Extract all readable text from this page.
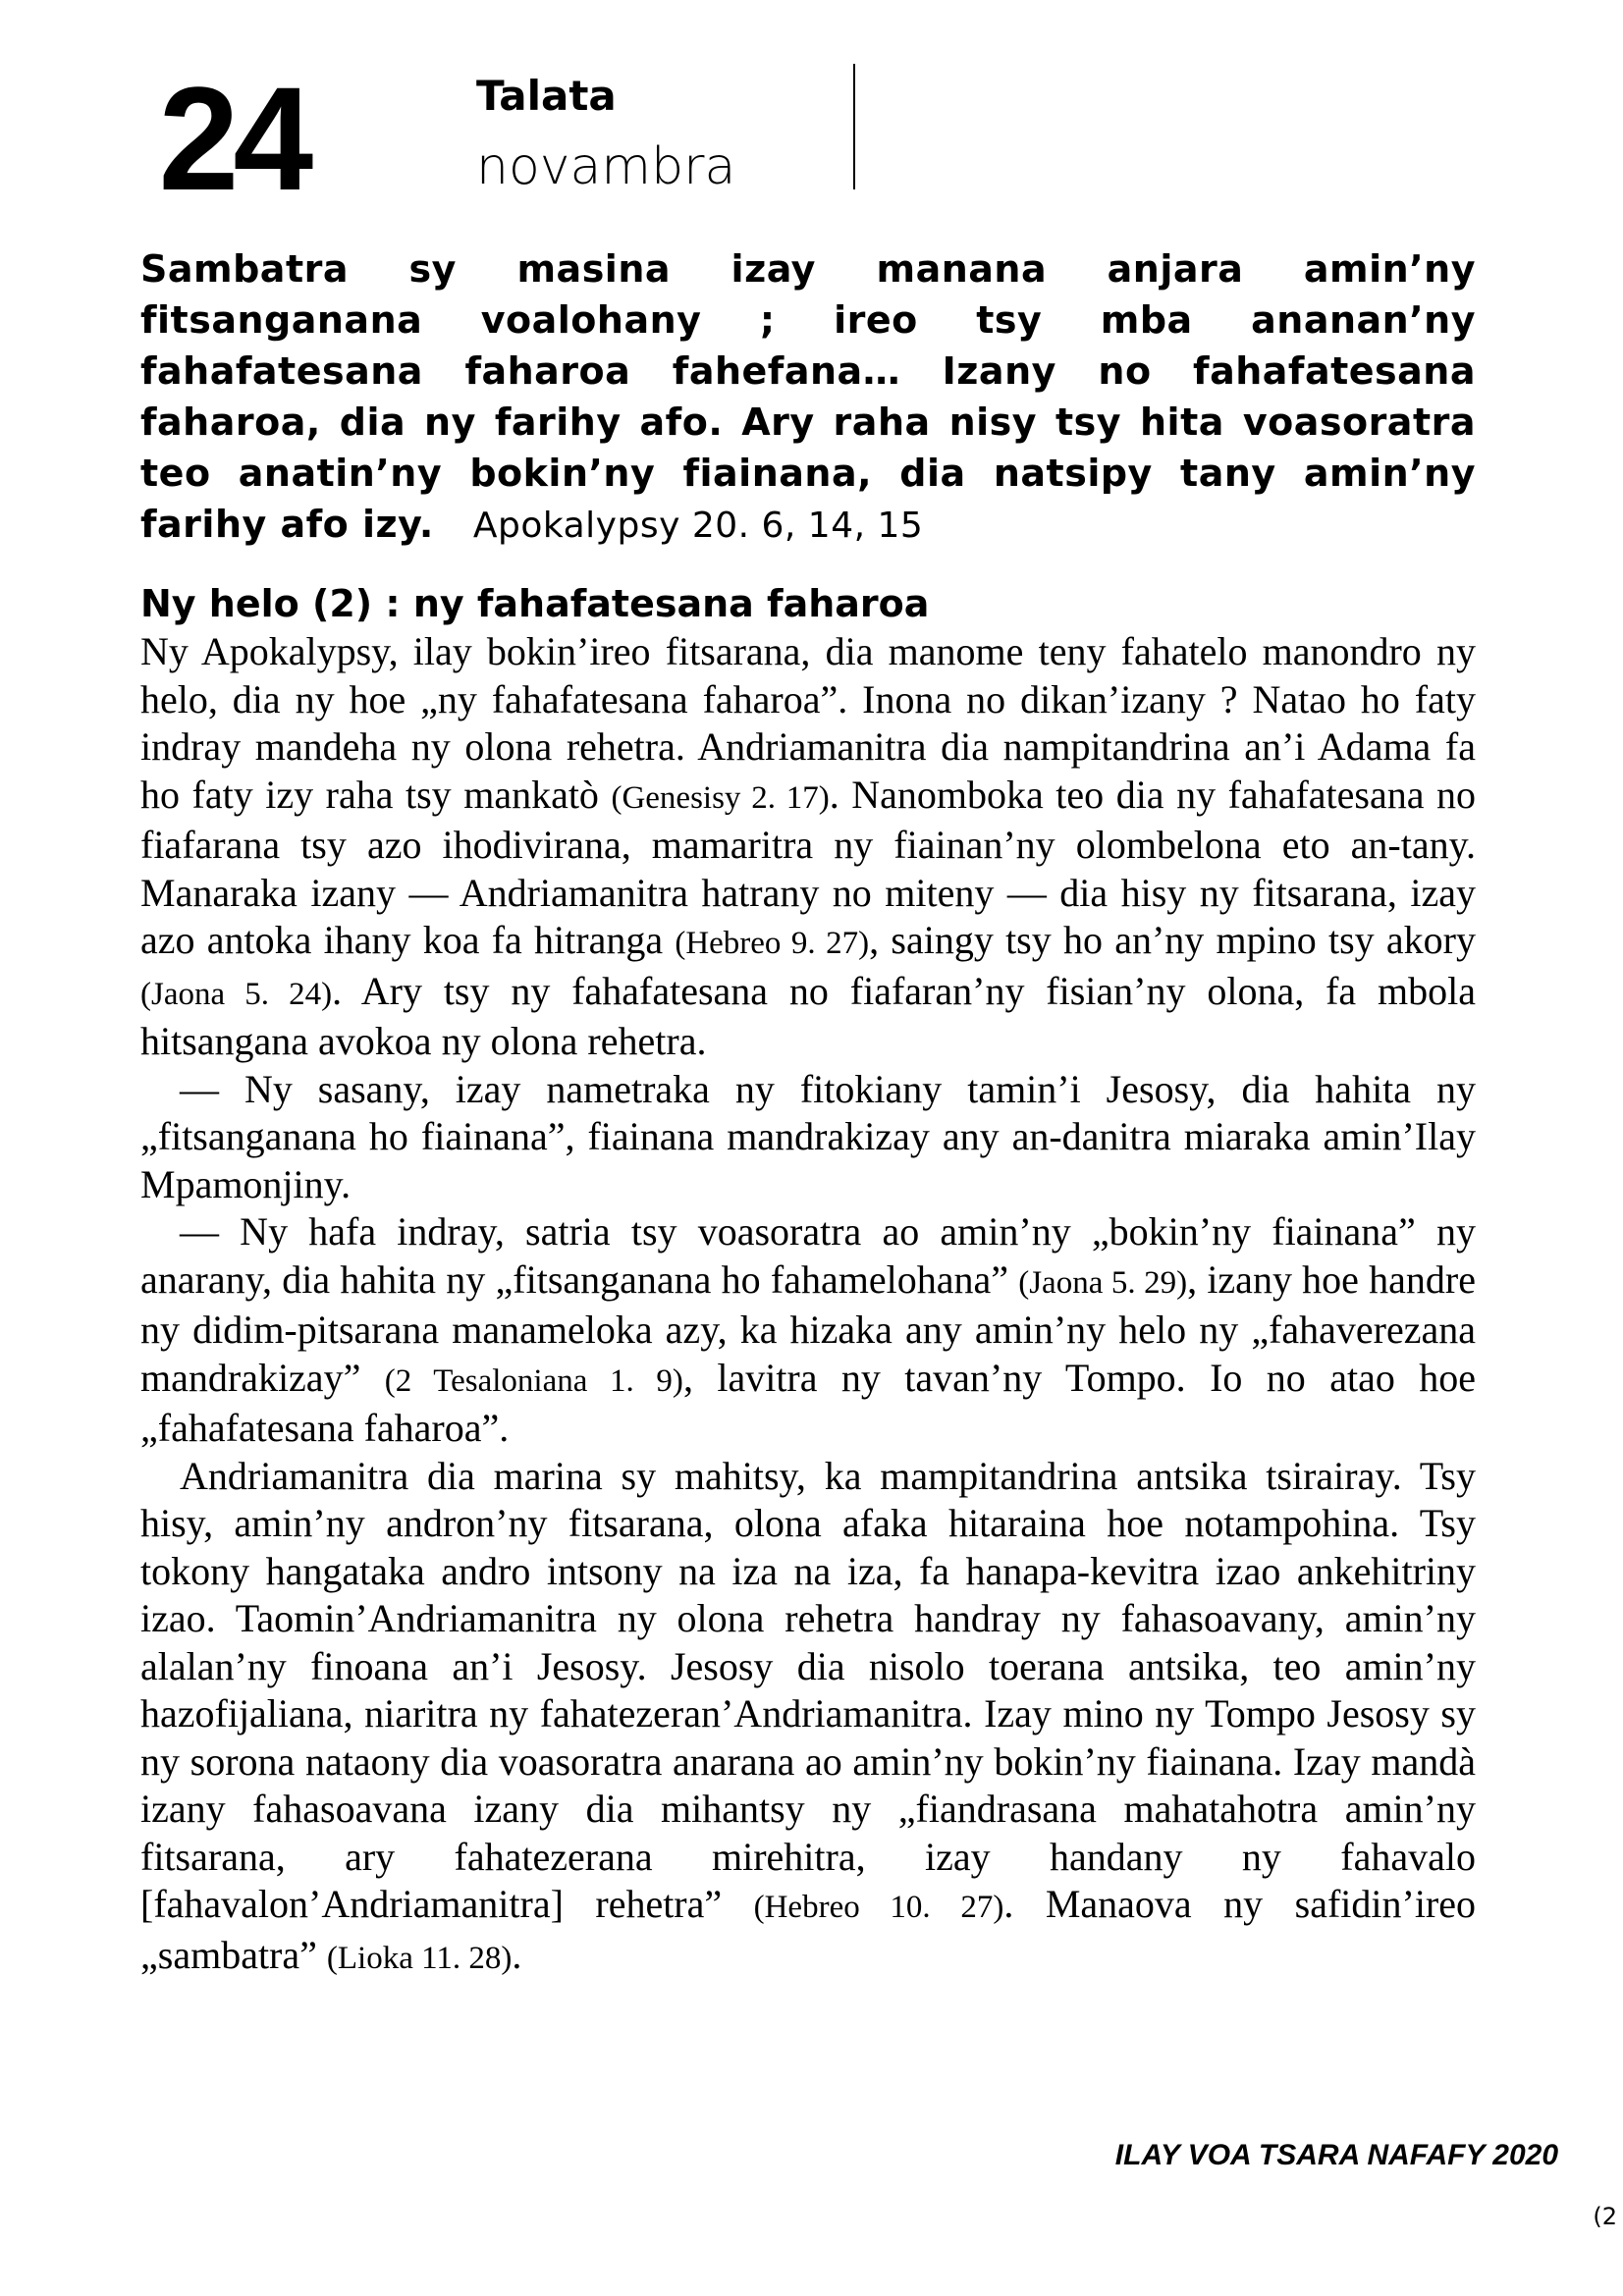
24	Talata
novambra
Sambatra sy masina izay manana anjara amin’ny fitsanganana voalohany ; ireo tsy mba ananan’ny fahafatesana faharoa fahefana… Izany no fahafatesana faharoa, dia ny farihy afo. Ary raha nisy tsy hita voasoratra teo anatin’ny bokin’ny fiainana, dia natsipy tany amin’ny farihy afo izy. Apokalypsy 20. 6, 14, 15
Ny helo (2) : ny fahafatesana faharoa

Ny Apokalypsy, ilay bokin’ireo fitsarana, dia manome teny fahatelo manondro ny helo, dia ny hoe „ny fahafatesana faharoa”. Inona no dikan’izany ? Natao ho faty indray mandeha ny olona rehetra. Andriamanitra dia nampitandrina an’i Adama fa ho faty izy raha tsy mankatò (Genesisy 2. 17). Nanomboka teo dia ny fahafatesana no fiafarana tsy azo ihodivirana, mamaritra ny fiainan’ny olombelona eto an-tany. Manaraka izany — Andriamanitra hatrany no miteny — dia hisy ny fitsarana, izay azo antoka ihany koa fa hitranga (Hebreo 9. 27), saingy tsy ho an’ny mpino tsy akory (Jaona 5. 24). Ary tsy ny fahafatesana no fiafaran’ny fisian’ny olona, fa mbola hitsangana avokoa ny olona rehetra.

— Ny sasany, izay nametraka ny fitokiany tamin’i Jesosy, dia hahita ny „fitsanganana ho fiainana”, fiainana mandrakizay any an-danitra miaraka amin’Ilay Mpamonjiny.

— Ny hafa indray, satria tsy voasoratra ao amin’ny „bokin’ny fiainana” ny anarany, dia hahita ny „fitsanganana ho fahamelohana” (Jaona 5. 29), izany hoe handre ny didim-pitsarana manameloka azy, ka hizaka any amin’ny helo ny „fahaverezana mandrakizay” (2 Tesaloniana 1. 9), lavitra ny tavan’ny Tompo. Io no atao hoe „fahafatesana faharoa”.

Andriamanitra dia marina sy mahitsy, ka mampitandrina antsika tsirairay. Tsy hisy, amin’ny andron’ny fitsarana, olona afaka hitaraina hoe notampohina. Tsy tokony hangataka andro intsony na iza na iza, fa hanapa-kevitra izao ankehitriny izao. Taomin’Andriamanitra ny olona rehetra handray ny fahasoavany, amin’ny alalan’ny finoana an’i Jesosy. Jesosy dia nisolo toerana antsika, teo amin’ny hazofijaliana, niaritra ny fahatezeran’Andriamanitra. Izay mino ny Tompo Jesosy sy ny sorona nataony dia voasoratra anarana ao amin’ny bokin’ny fiainana. Izay mandà izany fahasoavana izany dia mihantsy ny „fiandrasana mahatahotra amin’ny fitsarana, ary fahatezerana mirehitra, izay handany ny fahavalo [fahavalon’Andriamanitra] rehetra” (Hebreo 10. 27). Manaova ny safidin’ireo „sambatra” (Lioka 11. 28).

ILAY VOA TSARA NAFAFY 2020
(2
